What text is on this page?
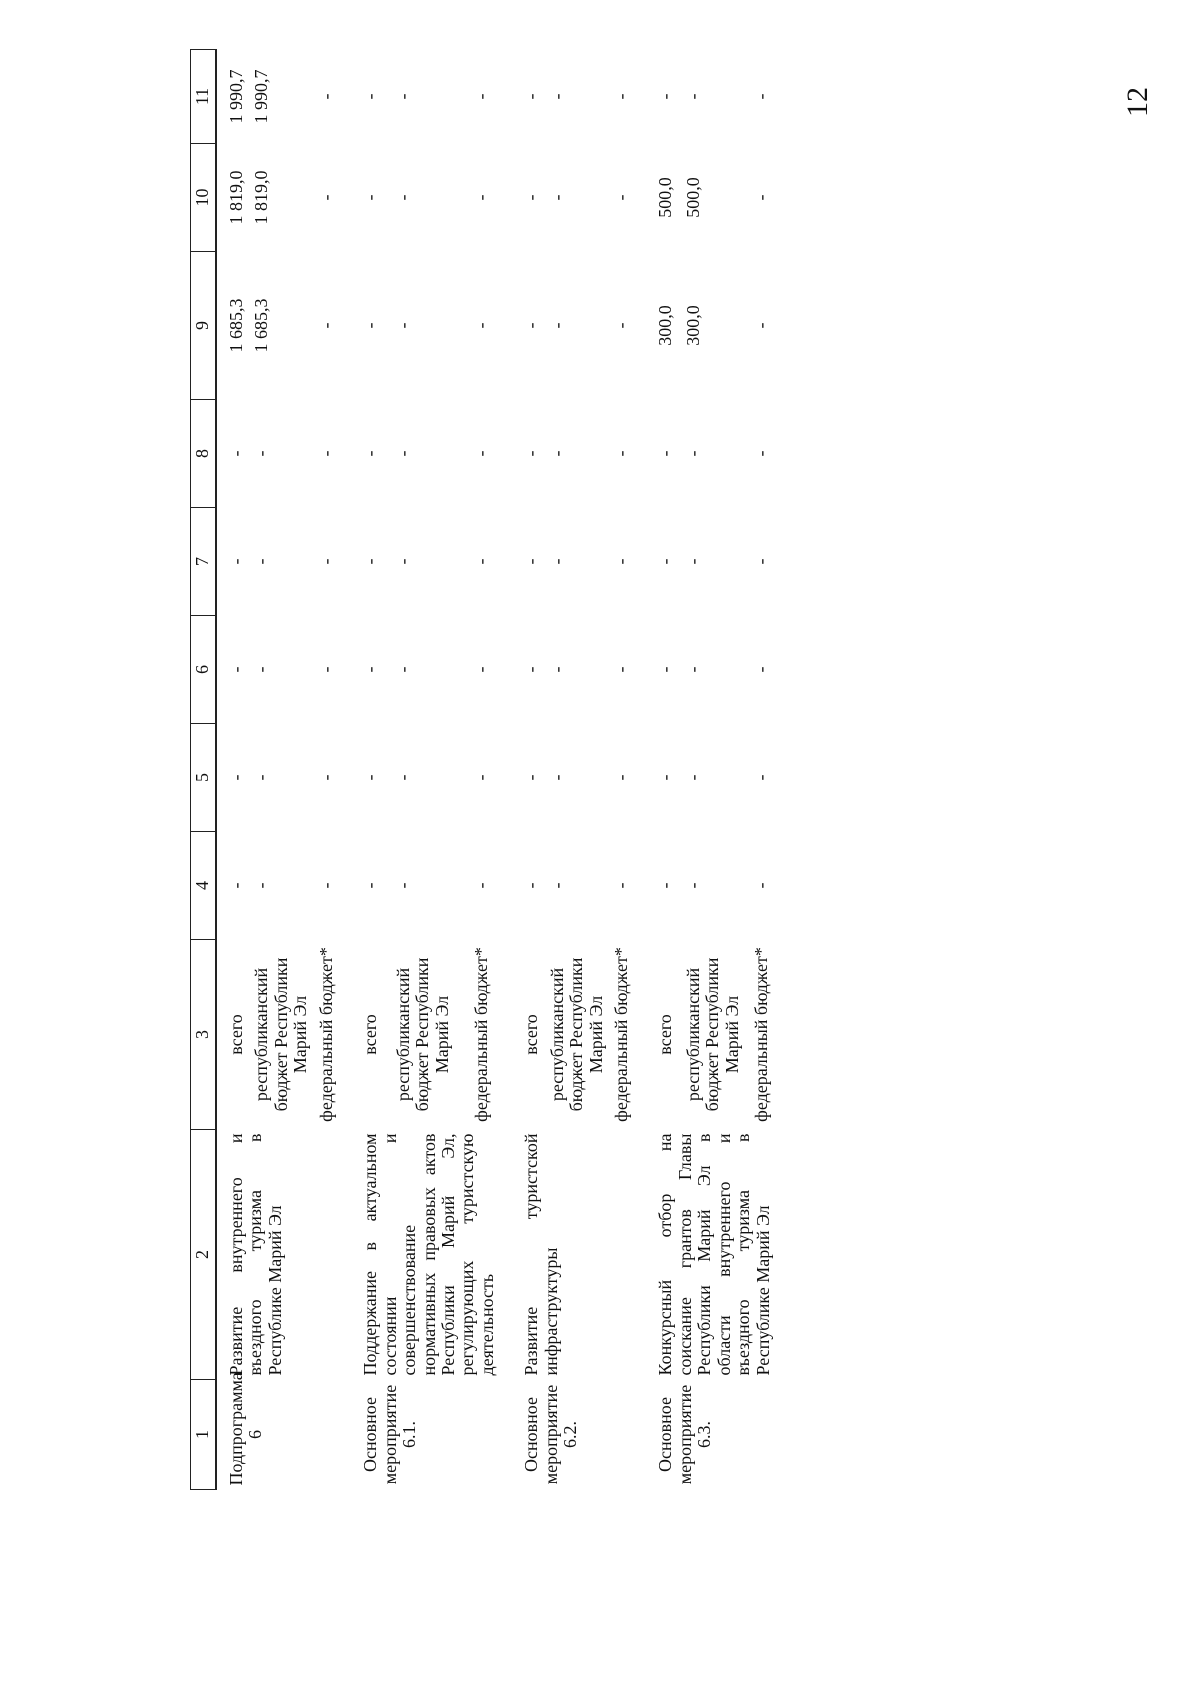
12
1	2	3	4	5	6	7	8	9	10	11
Подпрограмма 6	Развитие внутреннего и въездного туризма в Республике Марий Эл	всего	-	-	-	-	-	1 685,3	1 819,0	1 990,7
		республиканский бюджет Республики Марий Эл	-	-	-	-	-	1 685,3	1 819,0	1 990,7
		федеральный бюджет*	-	-	-	-	-	-	-	-

Основное мероприятие 6.1.	Поддержание в актуальном состоянии и совершенствование нормативных правовых актов Республики Марий Эл, регулирующих туристскую деятельность	всего	-	-	-	-	-	-	-	-
		республиканский бюджет Республики Марий Эл	-	-	-	-	-	-	-	-
		федеральный бюджет*	-	-	-	-	-	-	-	-

Основное мероприятие 6.2.	Развитие туристской инфраструктуры	всего	-	-	-	-	-	-	-	-
		республиканский бюджет Республики Марий Эл	-	-	-	-	-	-	-	-
		федеральный бюджет*	-	-	-	-	-	-	-	-

Основное мероприятие 6.3.	Конкурсный отбор на соискание грантов Главы Республики Марий Эл в области внутреннего и въездного туризма в Республике Марий Эл	всего	-	-	-	-	-	300,0	500,0	-
		республиканский бюджет Республики Марий Эл	-	-	-	-	-	300,0	500,0	-
		федеральный бюджет*	-	-	-	-	-	-	-	-
